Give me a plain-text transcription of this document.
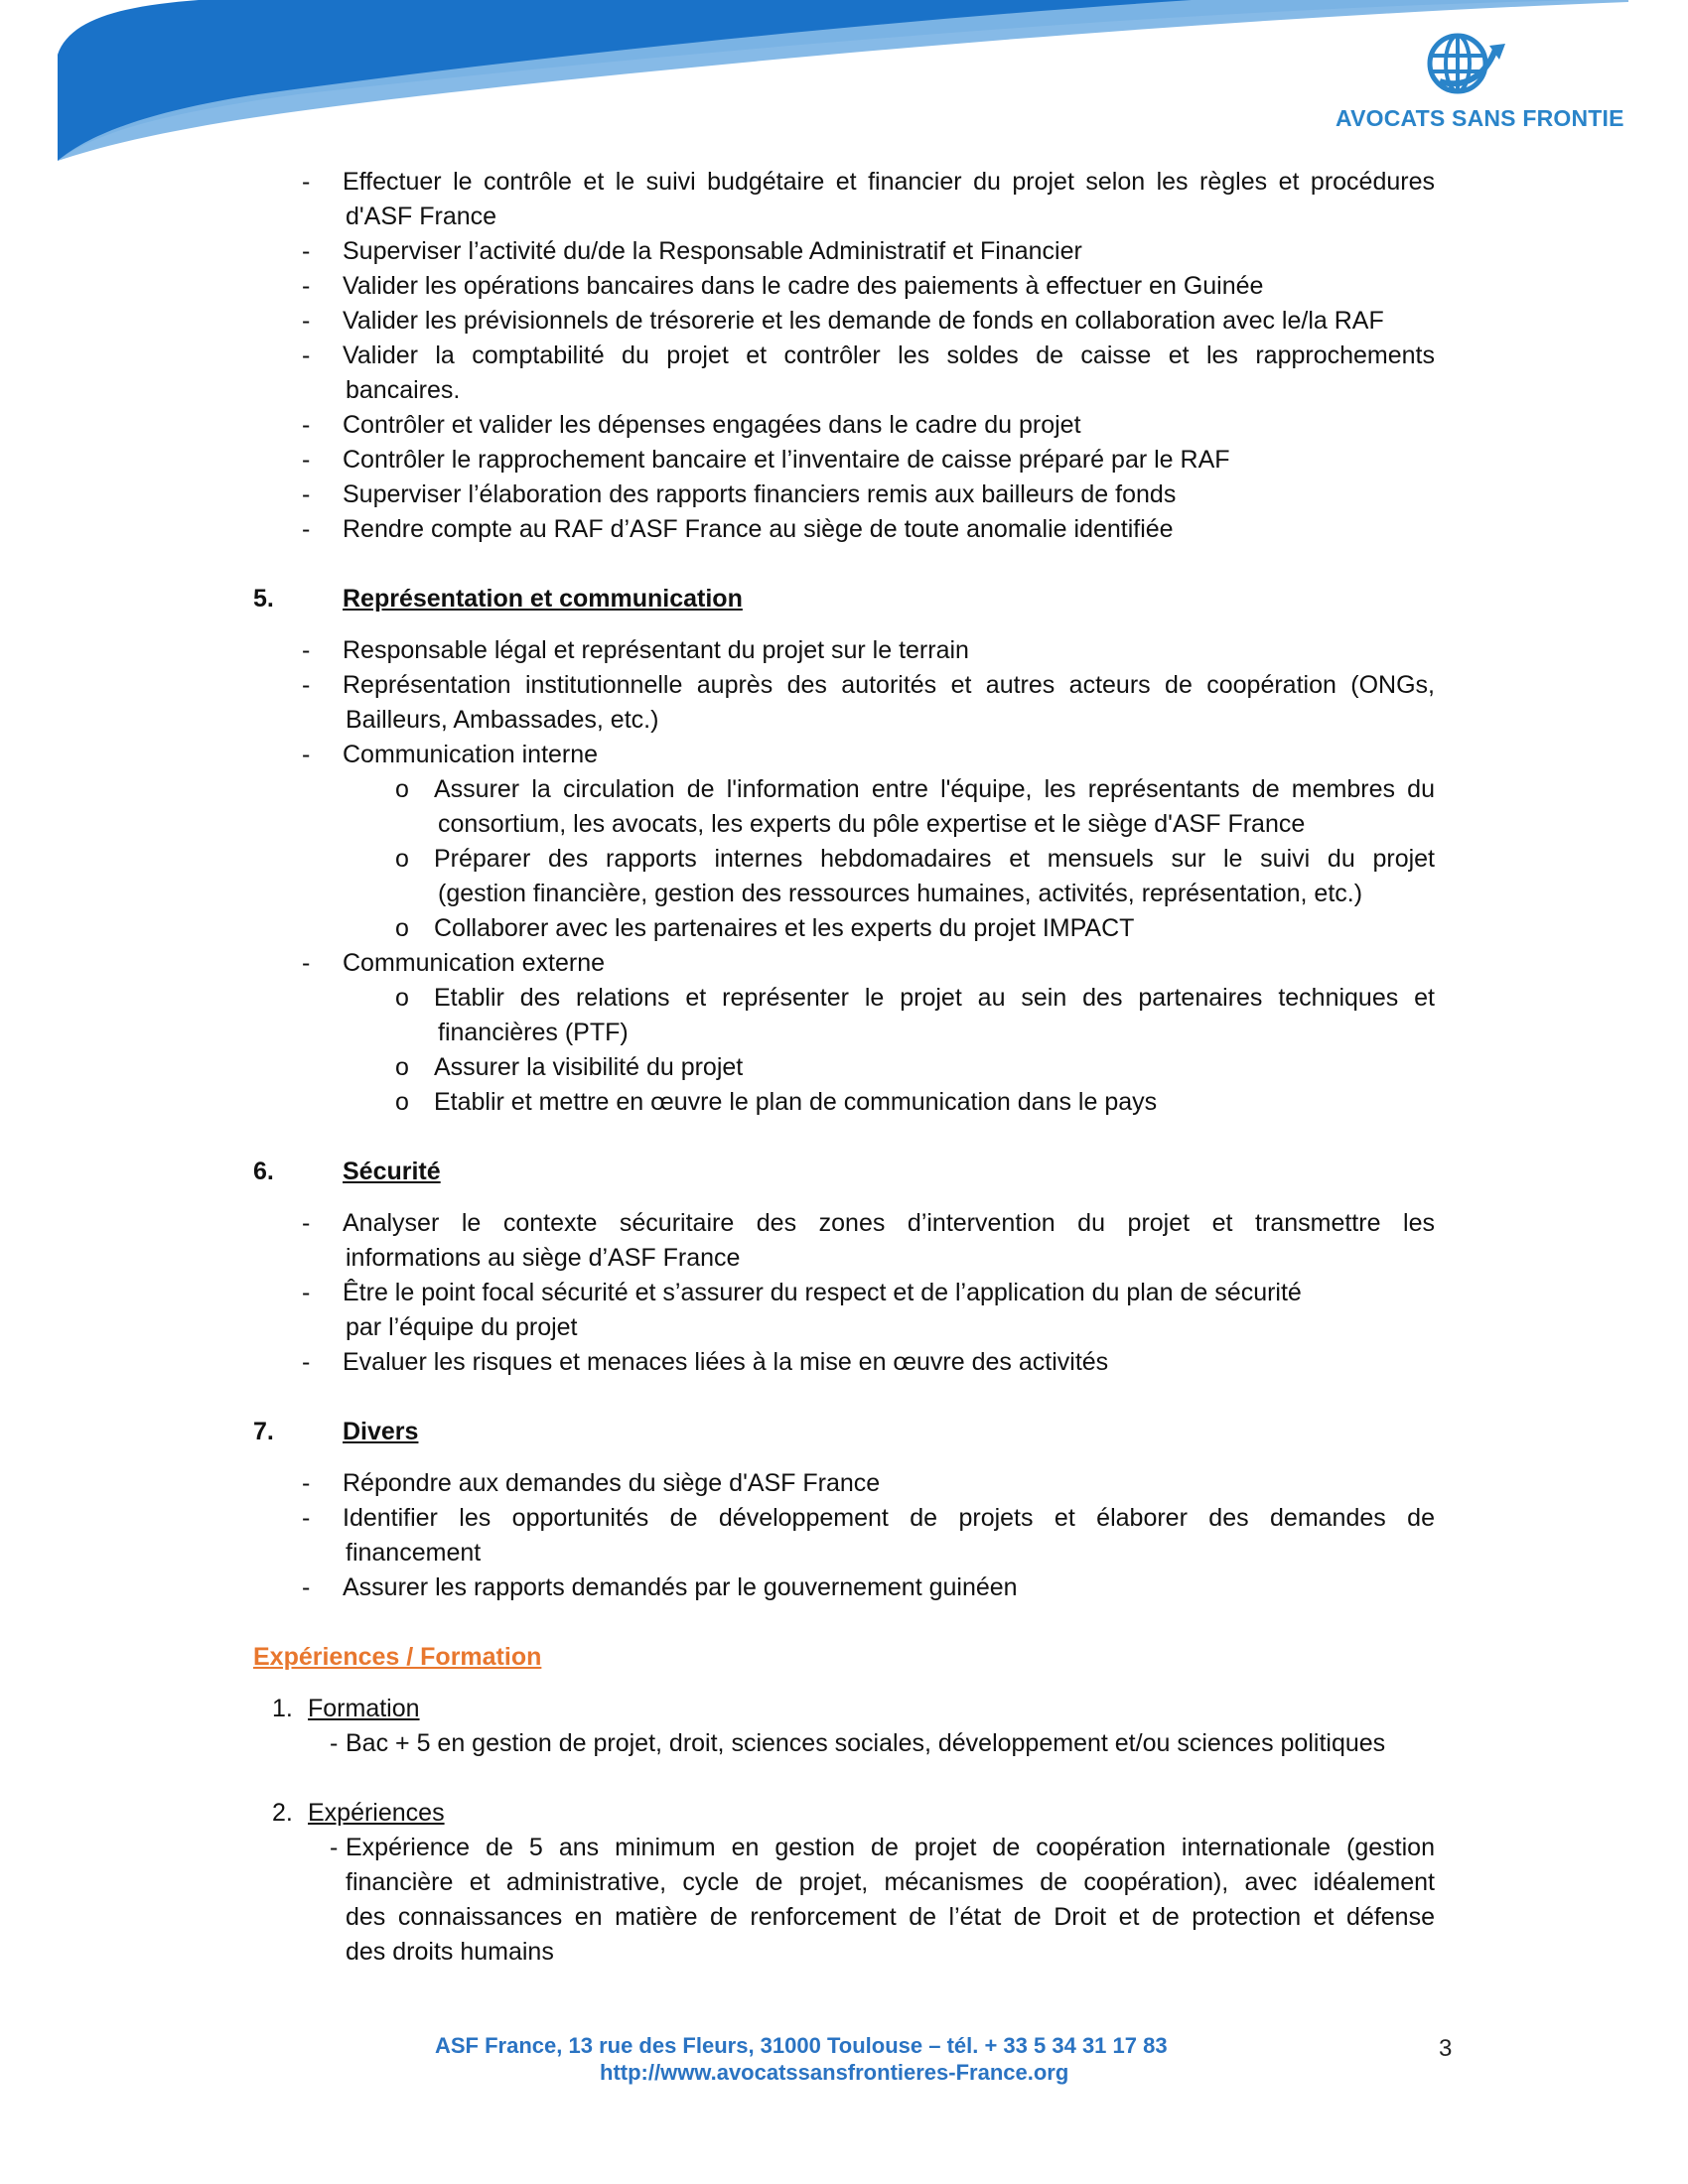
AVOCATS SANS FRONTIE
- Effectuer le contrôle et le suivi budgétaire et financier du projet selon les règles et procédures
d'ASF France
- Superviser l’activité du/de la Responsable Administratif et Financier
- Valider les opérations bancaires dans le cadre des paiements à effectuer en Guinée
- Valider les prévisionnels de trésorerie et les demande de fonds en collaboration avec le/la RAF
- Valider la comptabilité du projet et contrôler les soldes de caisse et les rapprochements
bancaires.
- Contrôler et valider les dépenses engagées dans le cadre du projet
- Contrôler le rapprochement bancaire et l’inventaire de caisse préparé par le RAF
- Superviser l’élaboration des rapports financiers remis aux bailleurs de fonds
- Rendre compte au RAF d’ASF France au siège de toute anomalie identifiée
5.	Représentation et communication
- Responsable légal et représentant du projet sur le terrain
- Représentation institutionnelle auprès des autorités et autres acteurs de coopération (ONGs,
Bailleurs, Ambassades, etc.)
- Communication interne
o Assurer la circulation de l'information entre l'équipe, les représentants de membres du
consortium, les avocats, les experts du pôle expertise et le siège d'ASF France
o Préparer des rapports internes hebdomadaires et mensuels sur le suivi du projet
(gestion financière, gestion des ressources humaines, activités, représentation, etc.)
o Collaborer avec les partenaires et les experts du projet IMPACT
- Communication externe
o Etablir des relations et représenter le projet au sein des partenaires techniques et
financières (PTF)
o Assurer la visibilité du projet
o Etablir et mettre en œuvre le plan de communication dans le pays
6.	Sécurité
- Analyser le contexte sécuritaire des zones d’intervention du projet et transmettre les
informations au siège d’ASF France
- Être le point focal sécurité et s’assurer du respect et de l’application du plan de sécurité
par l’équipe du projet
- Evaluer les risques et menaces liées à la mise en œuvre des activités
7.	Divers
- Répondre aux demandes du siège d'ASF France
- Identifier les opportunités de développement de projets et élaborer des demandes de
financement
- Assurer les rapports demandés par le gouvernement guinéen
Expériences / Formation
1. Formation
- Bac + 5 en gestion de projet, droit, sciences sociales, développement et/ou sciences politiques
2. Expériences
- Expérience de 5 ans minimum en gestion de projet de coopération internationale (gestion
financière et administrative, cycle de projet, mécanismes de coopération), avec idéalement
des connaissances en matière de renforcement de l’état de Droit et de protection et défense
des droits humains
ASF France, 13 rue des Fleurs, 31000 Toulouse – tél. + 33 5 34 31 17 83
http://www.avocatssansfrontieres-France.org
3
